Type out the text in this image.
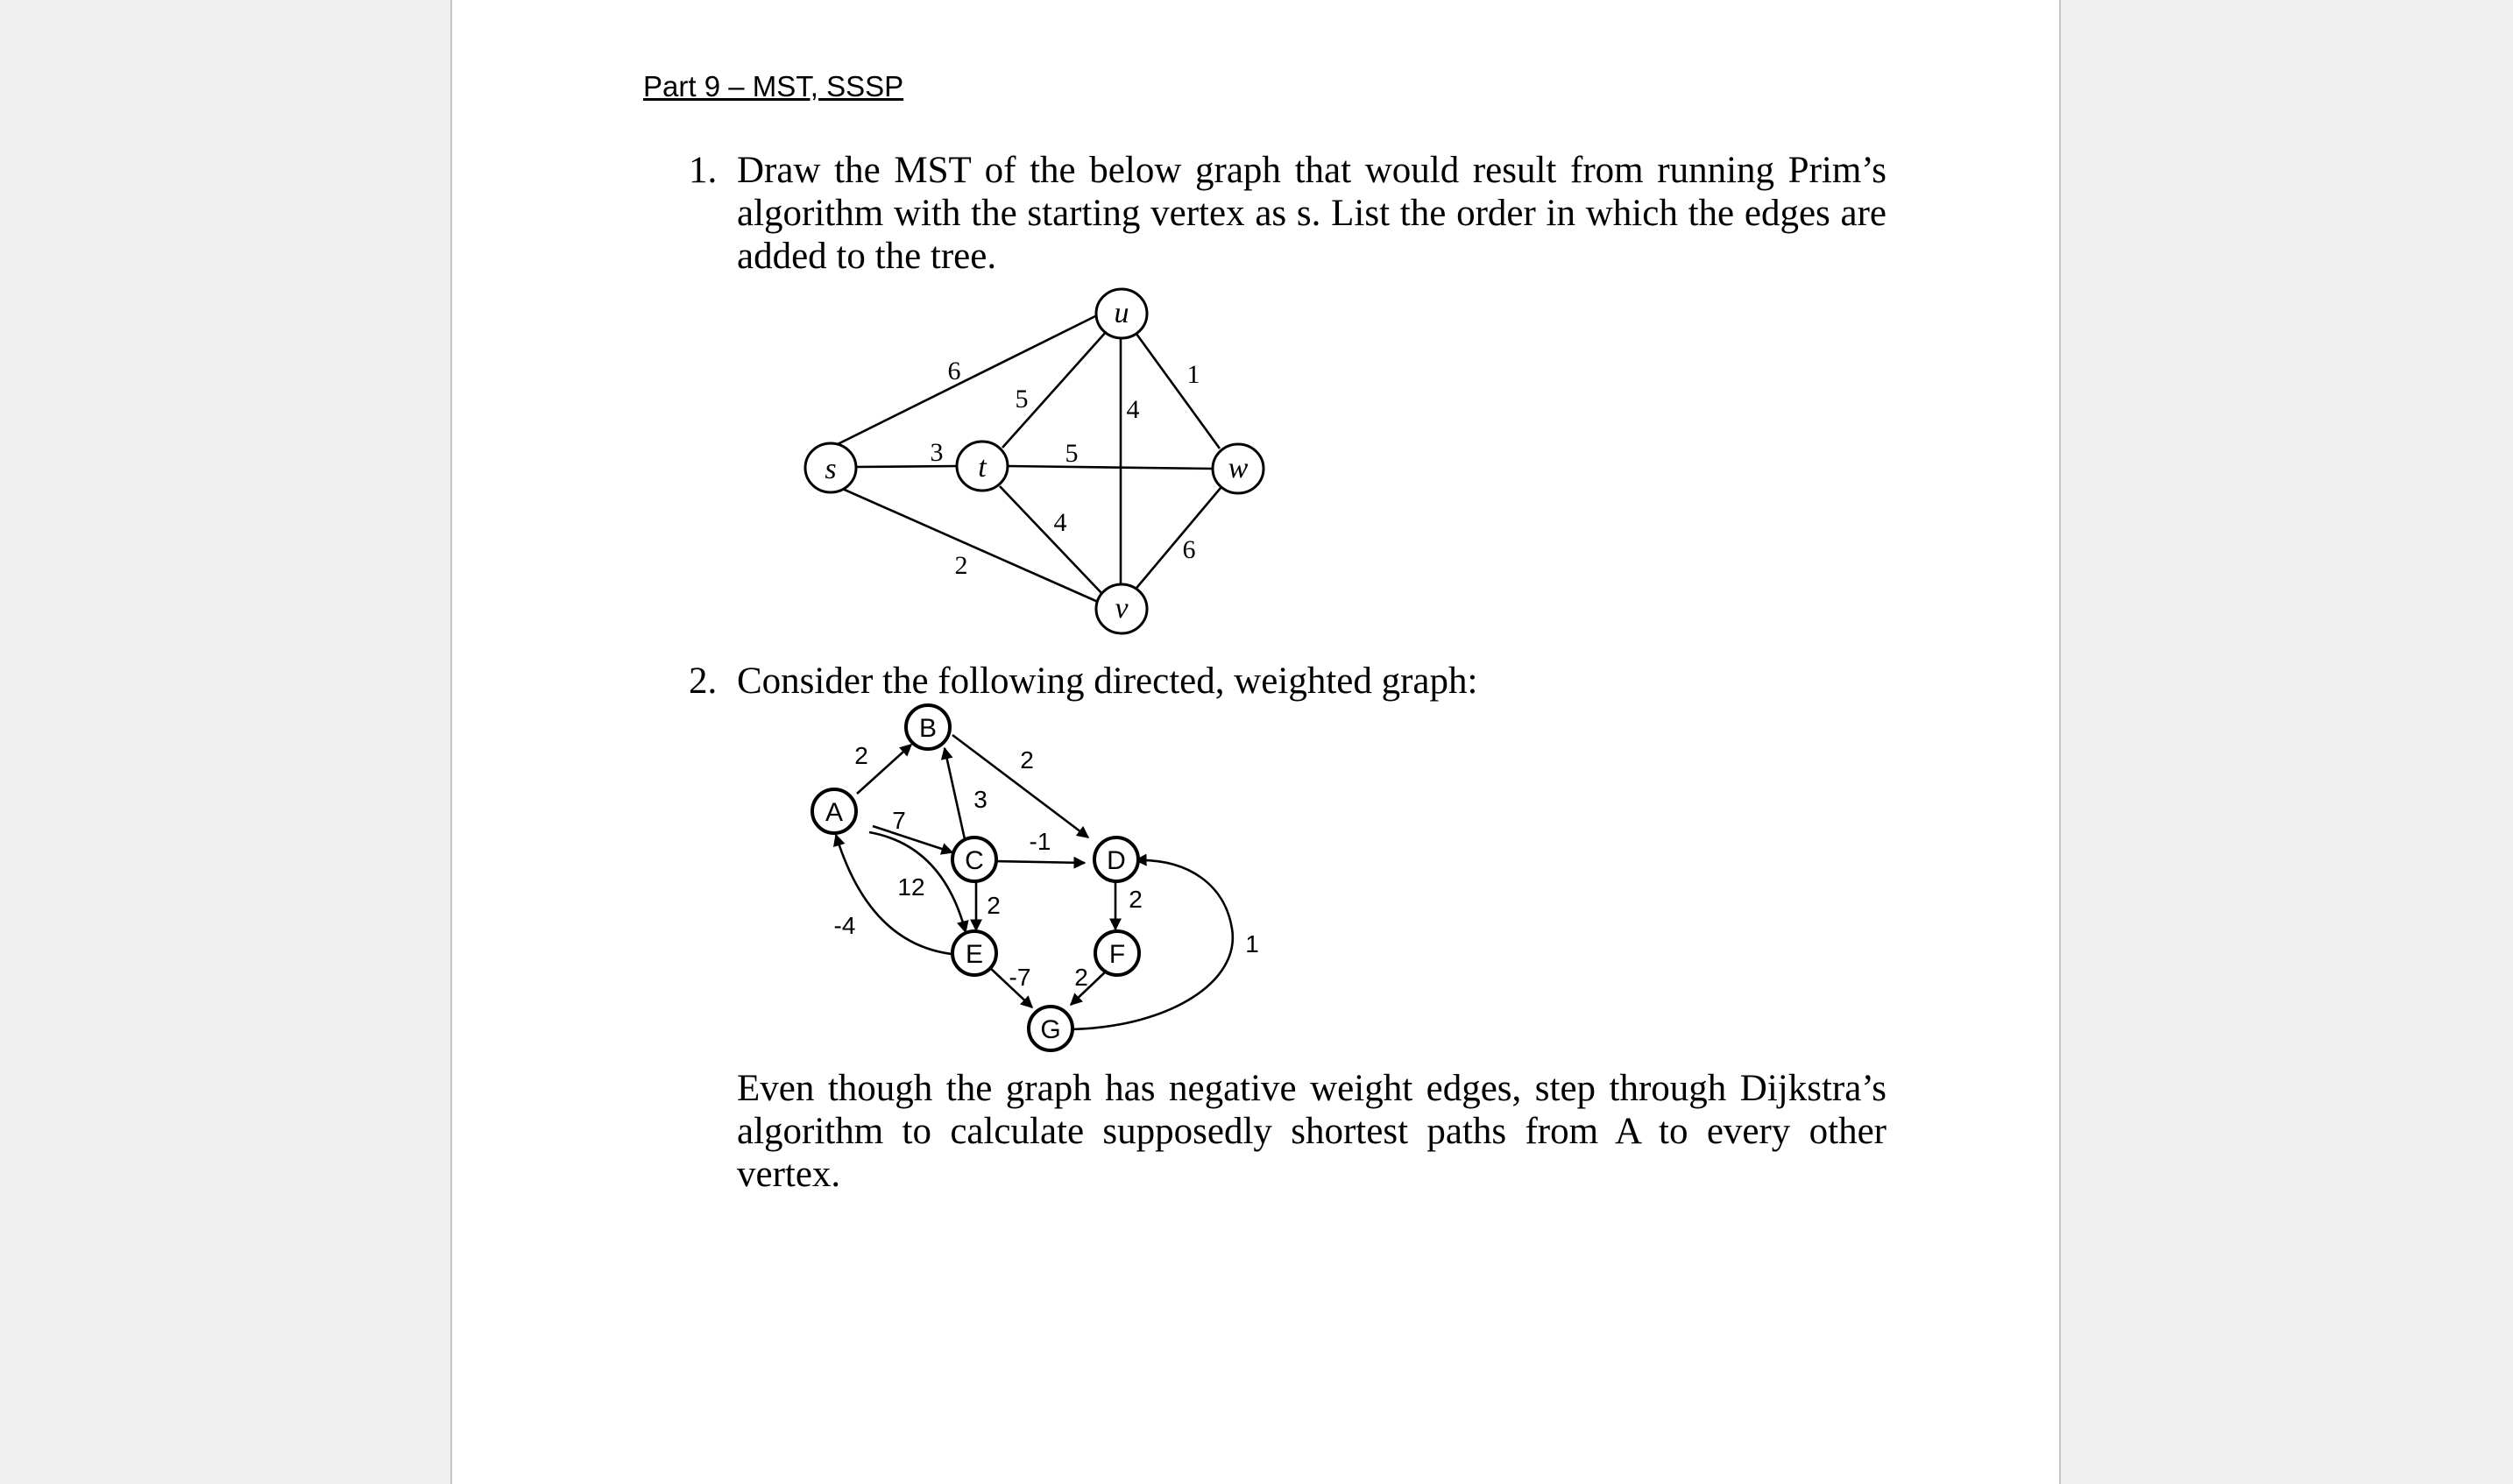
Part 9 – MST, SSSP
1. Draw the MST of the below graph that would result from running Prim’s
algorithm with the starting vertex as s. List the order in which the edges are
added to the tree.
2. Consider the following directed, weighted graph:
Even though the graph has negative weight edges, step through Dijkstra’s
algorithm to calculate supposedly shortest paths from A to every other vertex.
s	t
u
w
v
6
3
2
5
5
4
4
1
6
A
B
C	D
E	F
G
2
7
12
-4
3
2
-1
2	2
-7 2
1
